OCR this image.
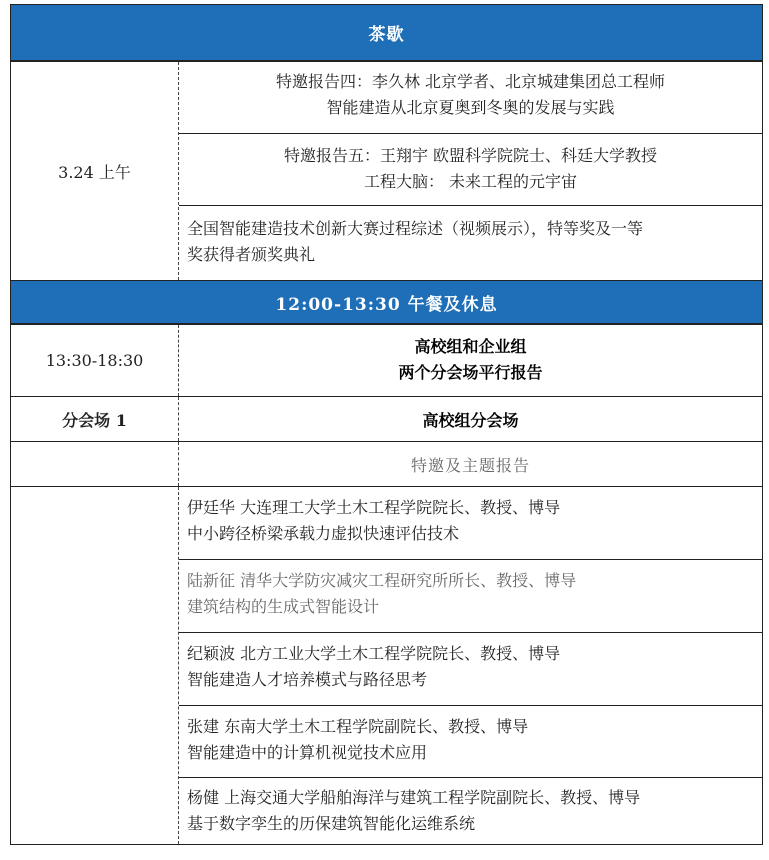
茶歇
3.24 上午
特邀报告四：李久林 北京学者、北京城建集团总工程师
智能建造从北京夏奥到冬奥的发展与实践
特邀报告五：王翔宇 欧盟科学院院士、科廷大学教授
工程大脑： 未来工程的元宇宙
全国智能建造技术创新大赛过程综述（视频展示），特等奖及一等
奖获得者颁奖典礼
12:00-13:30 午餐及休息
13:30-18:30
高校组和企业组
两个分会场平行报告
分会场 1	高校组分会场
特邀及主题报告
伊廷华 大连理工大学土木工程学院院长、教授、博导
中小跨径桥梁承载力虚拟快速评估技术
陆新征 清华大学防灾减灾工程研究所所长、教授、博导
建筑结构的生成式智能设计
纪颖波 北方工业大学土木工程学院院长、教授、博导
智能建造人才培养模式与路径思考
张建 东南大学土木工程学院副院长、教授、博导
智能建造中的计算机视觉技术应用
杨健 上海交通大学船舶海洋与建筑工程学院副院长、教授、博导
基于数字孪生的历保建筑智能化运维系统
